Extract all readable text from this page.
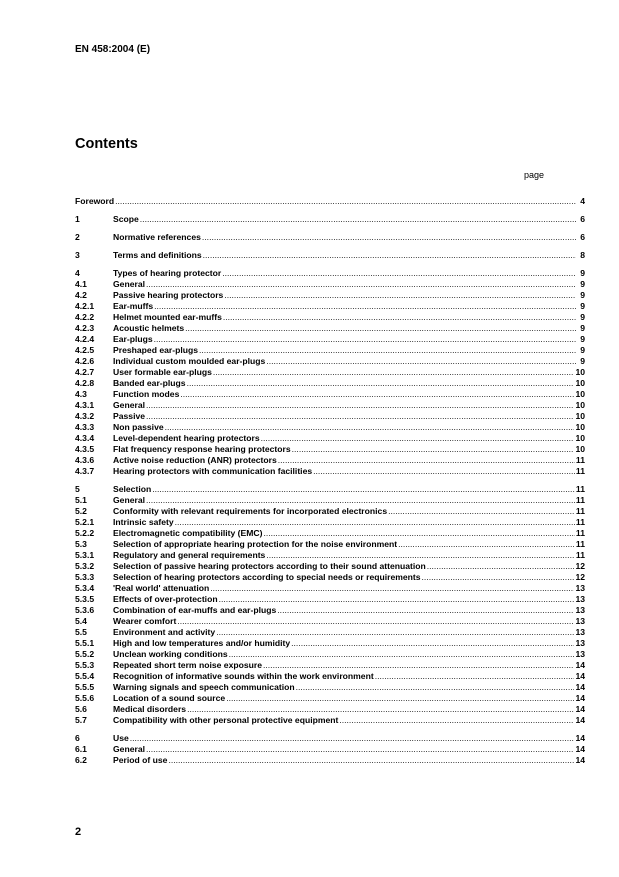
EN 458:2004 (E)
Contents
page
Foreword .....	4
1	Scope .....	6
2	Normative references .....	6
3	Terms and definitions .....	8
4	Types of hearing protector .....	9
4.1	General .....	9
4.2	Passive hearing protectors .....	9
4.2.1	Ear-muffs .....	9
4.2.2	Helmet mounted ear-muffs .....	9
4.2.3	Acoustic helmets .....	9
4.2.4	Ear-plugs .....	9
4.2.5	Preshaped ear-plugs .....	9
4.2.6	Individual custom moulded ear-plugs .....	9
4.2.7	User formable ear-plugs .....	10
4.2.8	Banded ear-plugs .....	10
4.3	Function modes .....	10
4.3.1	General .....	10
4.3.2	Passive .....	10
4.3.3	Non passive .....	10
4.3.4	Level-dependent hearing protectors .....	10
4.3.5	Flat frequency response hearing protectors .....	10
4.3.6	Active noise reduction (ANR) protectors .....	11
4.3.7	Hearing protectors with communication facilities .....	11
5	Selection .....	11
5.1	General .....	11
5.2	Conformity with relevant requirements for incorporated electronics .....	11
5.2.1	Intrinsic safety .....	11
5.2.2	Electromagnetic compatibility (EMC) .....	11
5.3	Selection of appropriate hearing protection for the noise environment .....	11
5.3.1	Regulatory and general requirements .....	11
5.3.2	Selection of passive hearing protectors according to their sound attenuation .....	12
5.3.3	Selection of hearing protectors according to special needs or requirements .....	12
5.3.4	'Real world' attenuation .....	13
5.3.5	Effects of over-protection .....	13
5.3.6	Combination of ear-muffs and ear-plugs .....	13
5.4	Wearer comfort .....	13
5.5	Environment and activity .....	13
5.5.1	High and low temperatures and/or humidity .....	13
5.5.2	Unclean working conditions .....	13
5.5.3	Repeated short term noise exposure .....	14
5.5.4	Recognition of informative sounds within the work environment .....	14
5.5.5	Warning signals and speech communication .....	14
5.5.6	Location of a sound source .....	14
5.6	Medical disorders .....	14
5.7	Compatibility with other personal protective equipment .....	14
6	Use .....	14
6.1	General .....	14
6.2	Period of use .....	14
2
